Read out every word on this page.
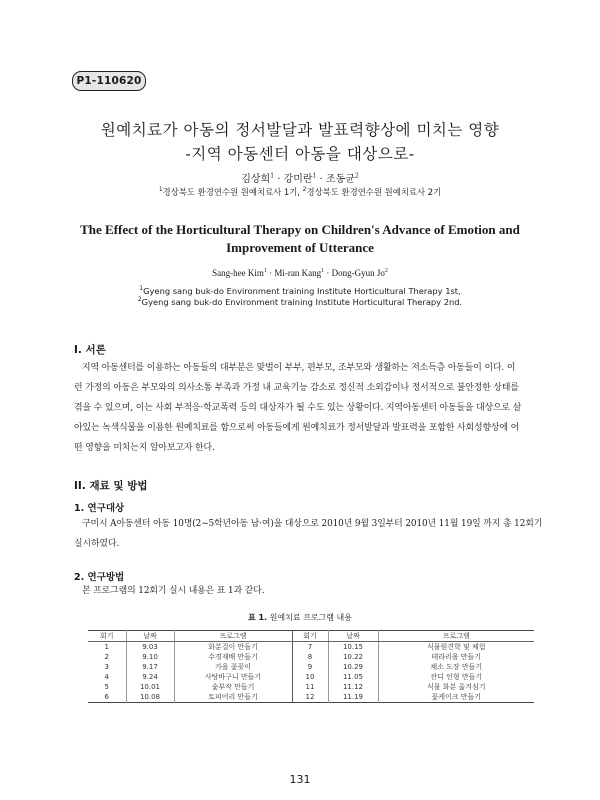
P1-110620
원예치료가 아동의 정서발달과 발표력향상에 미치는 영향
-지역 아동센터 아동을 대상으로-
김상희$^1$ · 강미란$^1$ · 조동균$^2$
$^1$경상북도 환경연수원 원예치료사 1기, $^2$경상북도 환경연수원 원예치료사 2기
The Effect of the Horticultural Therapy on Children's Advance of Emotion and
Improvement of Utterance
Sang-hee Kim$^1$ · Mi-ran Kang$^1$ · Dong-Gyun Jo$^2$
$^1$Gyeng sang buk-do Environment training Institute Horticultural Therapy 1st,
$^2$Gyeng sang buk-do Environment training Institute Horticultural Therapy 2nd.
I. 서론
지역 아동센터를 이용하는 아동들의 대부분은 맞벌이 부부, 편부모, 조부모와 생활하는 저소득층 아동들이 이다. 이
런 가정의 아동은 부모와의 의사소통 부족과 가정 내 교육기능 감소로 정신적 소외감이나 정서적으로 불안정한 상태를
겪을 수 있으며, 이는 사회 부적응·학교폭력 등의 대상자가 될 수도 있는 상황이다. 지역아동센터 아동들을 대상으로 살
아있는 녹색식물을 이용한 원예치료를 함으로써 아동들에게 원예치료가 정서발달과 발표력을 포함한 사회성향상에 어
떤 영향을 미치는지 알아보고자 한다.
II. 재료 및 방법
1. 연구대상
구미시 A아동센터 아동 10명(2~5학년아동 남·여)을 대상으로 2010년 9월 3일부터 2010년 11월 19일 까지 총 12회기
실시하였다.
2. 연구방법
본 프로그램의 12회기 실시 내용은 표 1과 같다.
표 1. 원예치료 프로그램 내용
회기	날짜	프로그램	회기	날짜	프로그램
1	9.03	화분걸이 만들기	7	10.15	식물원견학 및 체험
2	9.10	수경재배 만들기	8	10.22	테라리움 만들기
3	9.17	가을 꽃꽂이	9	10.29	채소 도장 만들기
4	9.24	사탕바구니 만들기	10	11.05	잔디 인형 만들기
5	10.01	숯부작 만들기	11	11.12	식물 화분 옮겨심기
6	10.08	토피어리 만들기	12	11.19	꽃케이크 만들기
131
